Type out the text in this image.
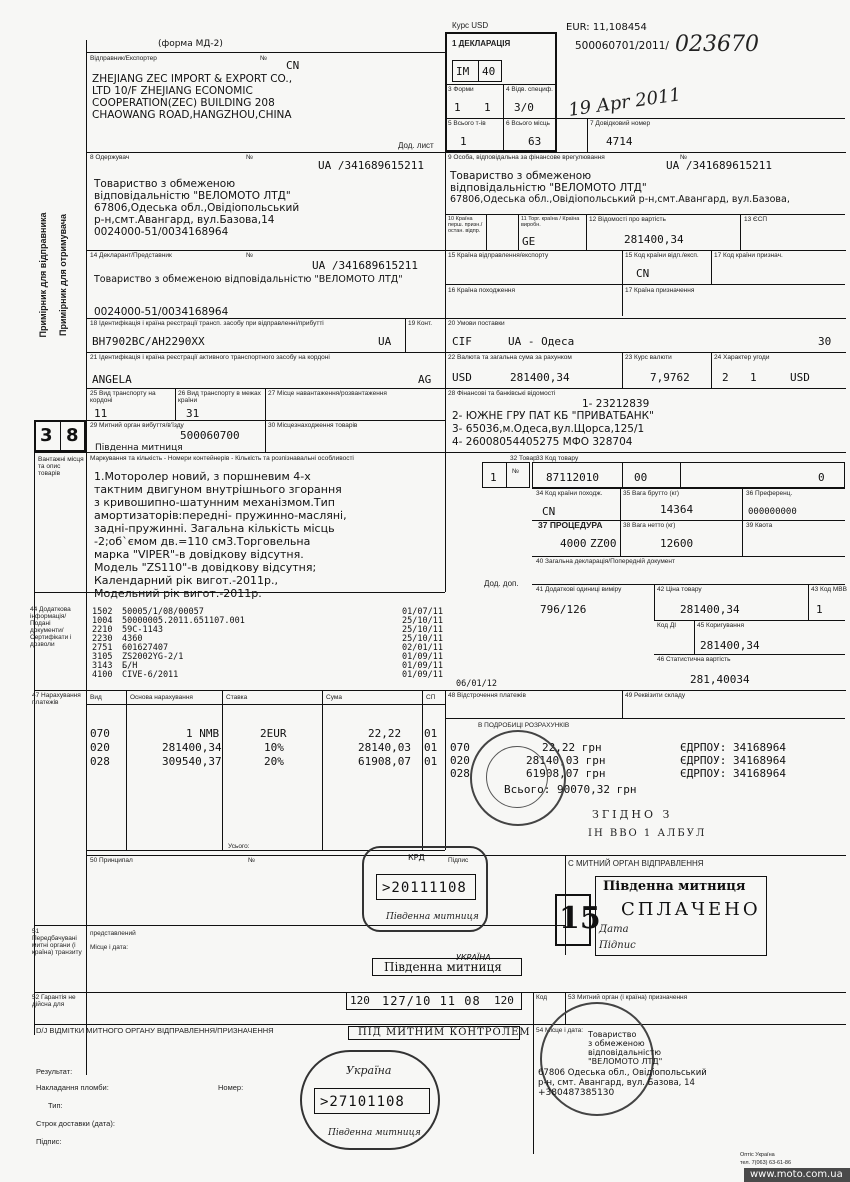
Примірник для відправника Примірник для отримувача
(форма МД-2)
Відправник/Експортер	№
CN
ZHEJIANG ZEC IMPORT & EXPORT CO.,
LTD 10/F ZHEJIANG ECONOMIC
COOPERATION(ZEC) BUILDING 208
CHAOWANG ROAD,HANGZHOU,CHINA
Дод. лист
1 ДЕКЛАРАЦІЯ
Курс USD	EUR: 11,108454
500060701/2011/ 023670
IM 40
3 Форми
1 1
4 Відв. специф.
3/0 19 Apr 2011
5 Всього т-ів
1
6 Всього місць
63
7 Довідковий номер
4714
8 Одержувач	№
UA /341689615211
Товариство з обмеженою
відповідальністю "ВЕЛОМОТО ЛТД"
67806,Одеська обл.,Овідіопольський
р-н,смт.Авангард, вул.Базова,14
0024000-51/0034168964
9 Особа, відповідальна за фінансове врегулювання	№
UA /341689615211
Товариство з обмеженою
відповідальністю "ВЕЛОМОТО ЛТД"
67806,Одеська обл.,Овідіопольський р-н,смт.Авангард, вул.Базова,
10 Країна перш. призн./ остан. відпр.
11 Торг. країна / Країна виробн.
GE
12 Відомості про вартість
281400,34
13 ЄСП
14 Декларант/Представник	№
UA /341689615211
Товариство з обмеженою відповідальністю "ВЕЛОМОТО ЛТД"
0024000-51/0034168964
15 Країна відправлення/експорту	15 Код країни відп./експ.
CN
17 Код країни признач.
16 Країна походження	17 Країна призначення
18 Ідентифікація і країна реєстрації трансп. засобу при відправленні/прибутті	19 Конт.
BH7902BC/AH2290XX	UA
20 Умови поставки
CIF	UA - Одеса	30
21 Ідентифікація і країна реєстрації активного транспортного засобу на кордоні
ANGELA	AG
22 Валюта та загальна сума за рахунком
USD	281400,34
23 Курс валюти
7,9762
24 Характер угоди
2 1	USD
25 Вид транспорту на кордоні
11
26 Вид транспорту в межах країни
31
27 Місце навантаження/розвантаження	28 Фінансові та банківські відомості
1- 23212839
2- ЮЖНЕ ГРУ ПАТ КБ "ПРИВАТБАНК"
3- 65036,м.Одеса,вул.Щорса,125/1
4- 26008054405275 МФО 328704
3 8 29 Митний орган вибуття/в'їзду
500060700
Південна митниця
30 Місцезнаходження товарів
Вантажні місця та опис товарів
Маркування та кількість - Номери контейнерів - Кількість та розпізнавальні особливості
1.Моторолер новий, з поршневим 4-х
тактним двигуном внутрішнього згорання
з кривошипно-шатунним механізмом.Тип
амортизаторів:передні- пружинно-масляні,
задні-пружинні. Загальна кількість місць
-2;об`ємом дв.=110 см3.Торговельна
марка "VIPER"-в довідкову відсутня.
Модель "ZS110"-в довідкову відсутня;
Календарний рік вигот.-2011р.,
Модельний рік вигот.-2011р.
32 Товар
1 №
33 Код товару
87112010	00	0
34 Код країни походж.
CN
35 Вага брутто (кг)
14364
36 Преференц.
000000000
37 ПРОЦЕДУРА
4000 ZZ00
38 Вага нетто (кг)
12600
39 Квота
40 Загальна декларація/Попередній документ
Дод. доп.
41 Додаткові одиниці виміру
796/126
42 Ціна товару
281400,34
43 Код МВВ
1
Код ДІ	45 Коригування
281400,34
46 Статистична вартість
281,40034
44 Додаткова інформація/ Подані документи/ Сертифікати і дозволи
1502 50005/1/08/00057	01/07/11
1004 50000005.2011.651107.001	25/10/11
2210 59C-1143	25/10/11
2230 4360	25/10/11
2751 601627407	02/01/11
3105 ZS2002YG-2/1	01/09/11
3143 Б/Н	01/09/11
4100 CIVE-6/2011	01/09/11
06/01/12
47 Нарахування платежів
Вид	Основа нарахування	Ставка	Сума	СП
070	1 NMB	2EUR	22,22 01
020	281400,34	10%	28140,03 01
028	309540,37	20%	61908,07 01
Усього:
48 Відстрочення платежів	49 Реквізити складу
В ПОДРОБИЦІ РОЗРАХУНКІВ
070	22,22 грн	ЄДРПОУ: 34168964
020	28140,03 грн	ЄДРПОУ: 34168964
028	61908,07 грн	ЄДРПОУ: 34168964
Всього: 90070,32 грн
ЗГІДНО З
ІН ВВО 1 АЛБУЛ
50 Принципал	№	Підпис
представлений
Місце і дата:
С МИТНИЙ ОРГАН ВІДПРАВЛЕННЯ
51 Передбачувані митні органи (і країна) транзиту
52 Гарантія не дійсна для
Код	53 Митний орган (і країна) призначення
D/J ВІДМІТКИ МИТНОГО ОРГАНУ ВІДПРАВЛЕННЯ/ПРИЗНАЧЕННЯ	54 Місце і дата:
Результат:
Накладання пломби:	Номер:
Тип:
Строк доставки (дата):
Підпис:
КРД
>20111108
Південна митниця	15
Південна митниця
СПЛАЧЕНО
Дата
Підпис
УКРАЇНА
Південна митниця
120 127/10 11 08 120
ПІД МИТНИМ КОНТРОЛЕМ
Україна
>27101108
Південна митниця
Товариство
з обмеженою
відповідальністю
"ВЕЛОМОТО ЛТД"
67806 Одеська обл., Овідіопольський
р-н, смт. Авангард, вул. Базова, 14
+380487385130
Оптіс Україна
тел. 7(063) 63-61-86
www.moto.com.ua
